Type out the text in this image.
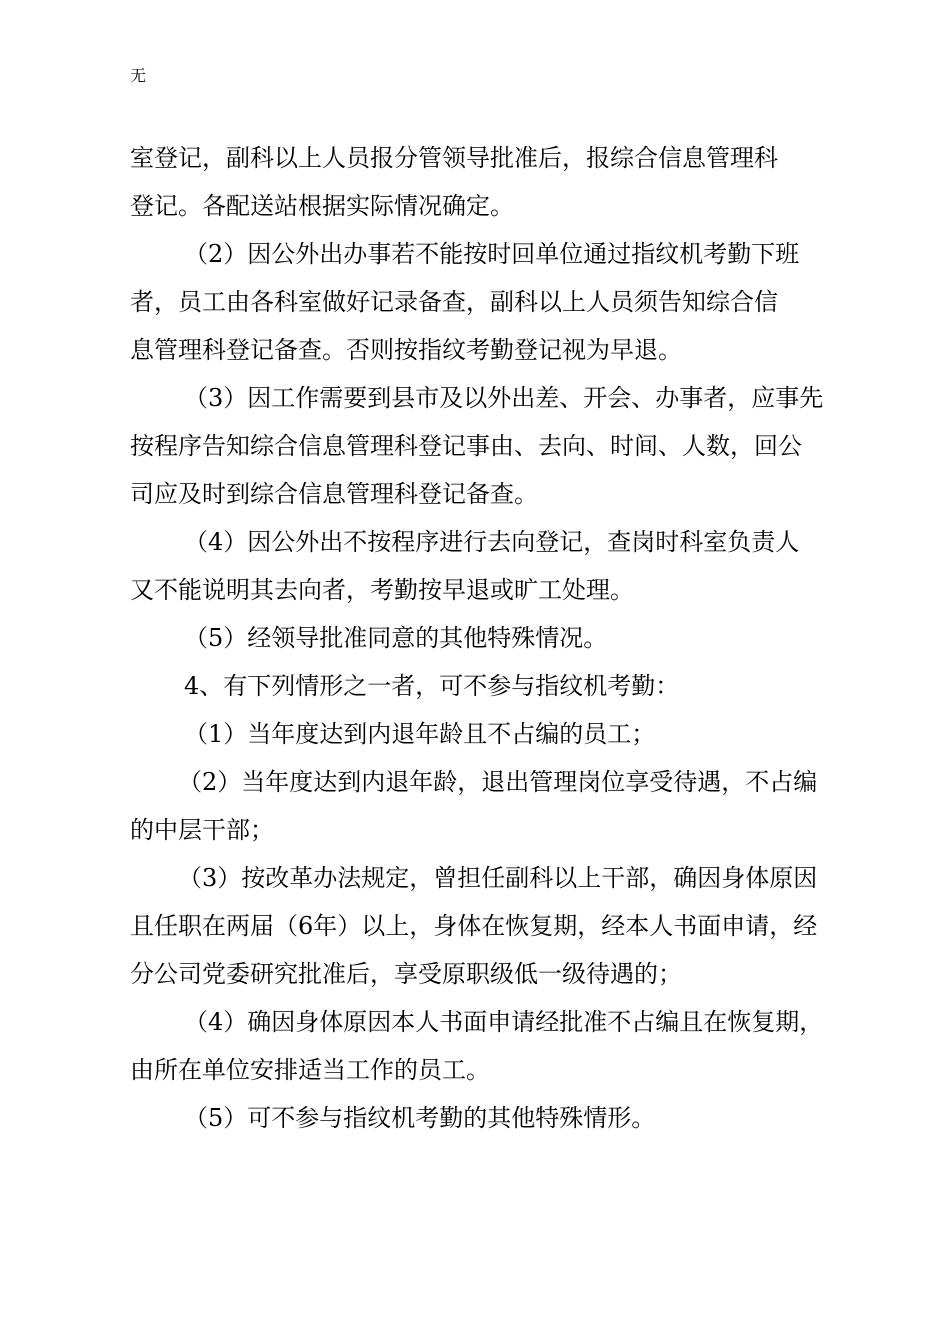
无

室登记，副科以上人员报分管领导批准后，报综合信息管理科

登记。各配送站根据实际情况确定。

（2）因公外出办事若不能按时回单位通过指纹机考勤下班

者，员工由各科室做好记录备查，副科以上人员须告知综合信

息管理科登记备查。否则按指纹考勤登记视为早退。

（3）因工作需要到县市及以外出差、开会、办事者，应事先

按程序告知综合信息管理科登记事由、去向、时间、人数，回公

司应及时到综合信息管理科登记备查。

（4）因公外出不按程序进行去向登记，查岗时科室负责人

又不能说明其去向者，考勤按早退或旷工处理。

（5）经领导批准同意的其他特殊情况。

4、有下列情形之一者，可不参与指纹机考勤：

（1）当年度达到内退年龄且不占编的员工；

（2）当年度达到内退年龄，退出管理岗位享受待遇，不占编

的中层干部；

（3）按改革办法规定，曾担任副科以上干部，确因身体原因

且任职在两届（6年）以上，身体在恢复期，经本人书面申请，经

分公司党委研究批准后，享受原职级低一级待遇的；

（4）确因身体原因本人书面申请经批准不占编且在恢复期，

由所在单位安排适当工作的员工。

（5）可不参与指纹机考勤的其他特殊情形。
